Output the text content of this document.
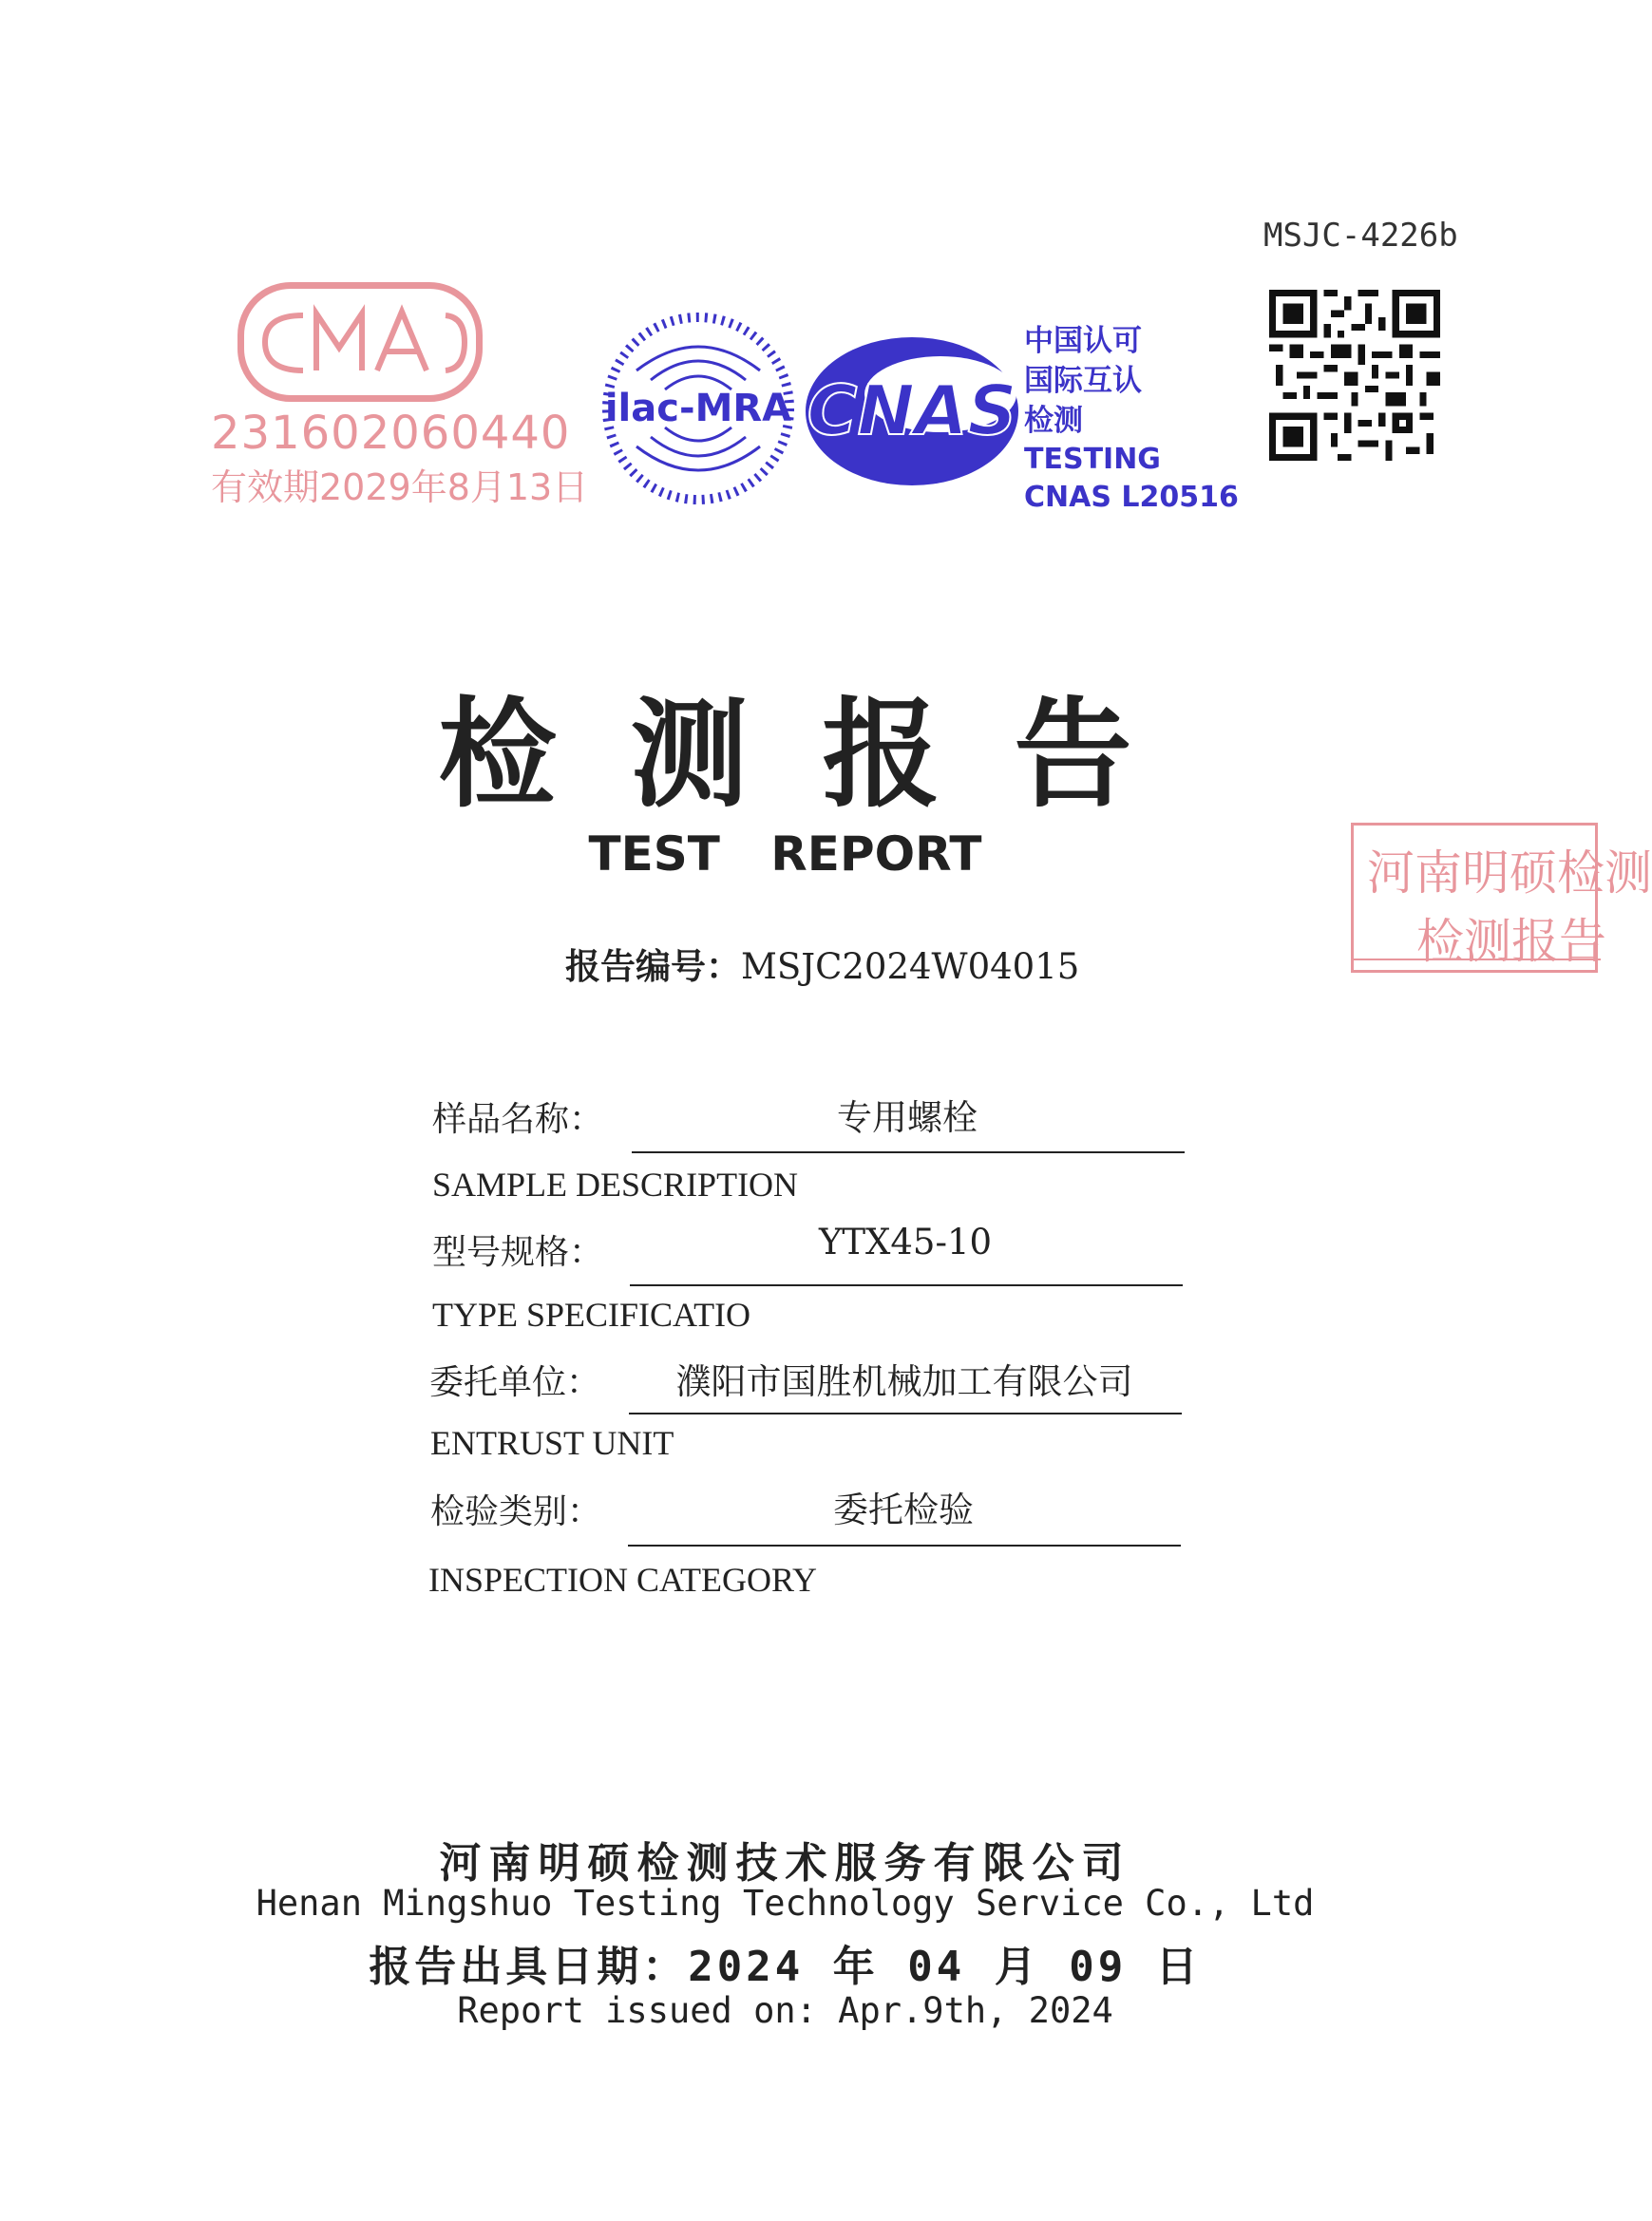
MSJC-4226b
231602060440
有效期2029年8月13日
ilac-MRA CNAS
中国认可
国际互认
检测
TESTING
CNAS L20516
检测报告
TEST REPORT
报告编号：MSJC2024W04015
河南明硕检测
检测报告
样品名称：	专用螺栓
SAMPLE DESCRIPTION
型号规格：	YTX45-10
TYPE SPECIFICATIO
委托单位：	濮阳市国胜机械加工有限公司
ENTRUST UNIT
检验类别：	委托检验
INSPECTION CATEGORY
河南明硕检测技术服务有限公司
Henan Mingshuo Testing Technology Service Co., Ltd
报告出具日期：2024 年 04 月 09 日
Report issued on: Apr.9th, 2024
